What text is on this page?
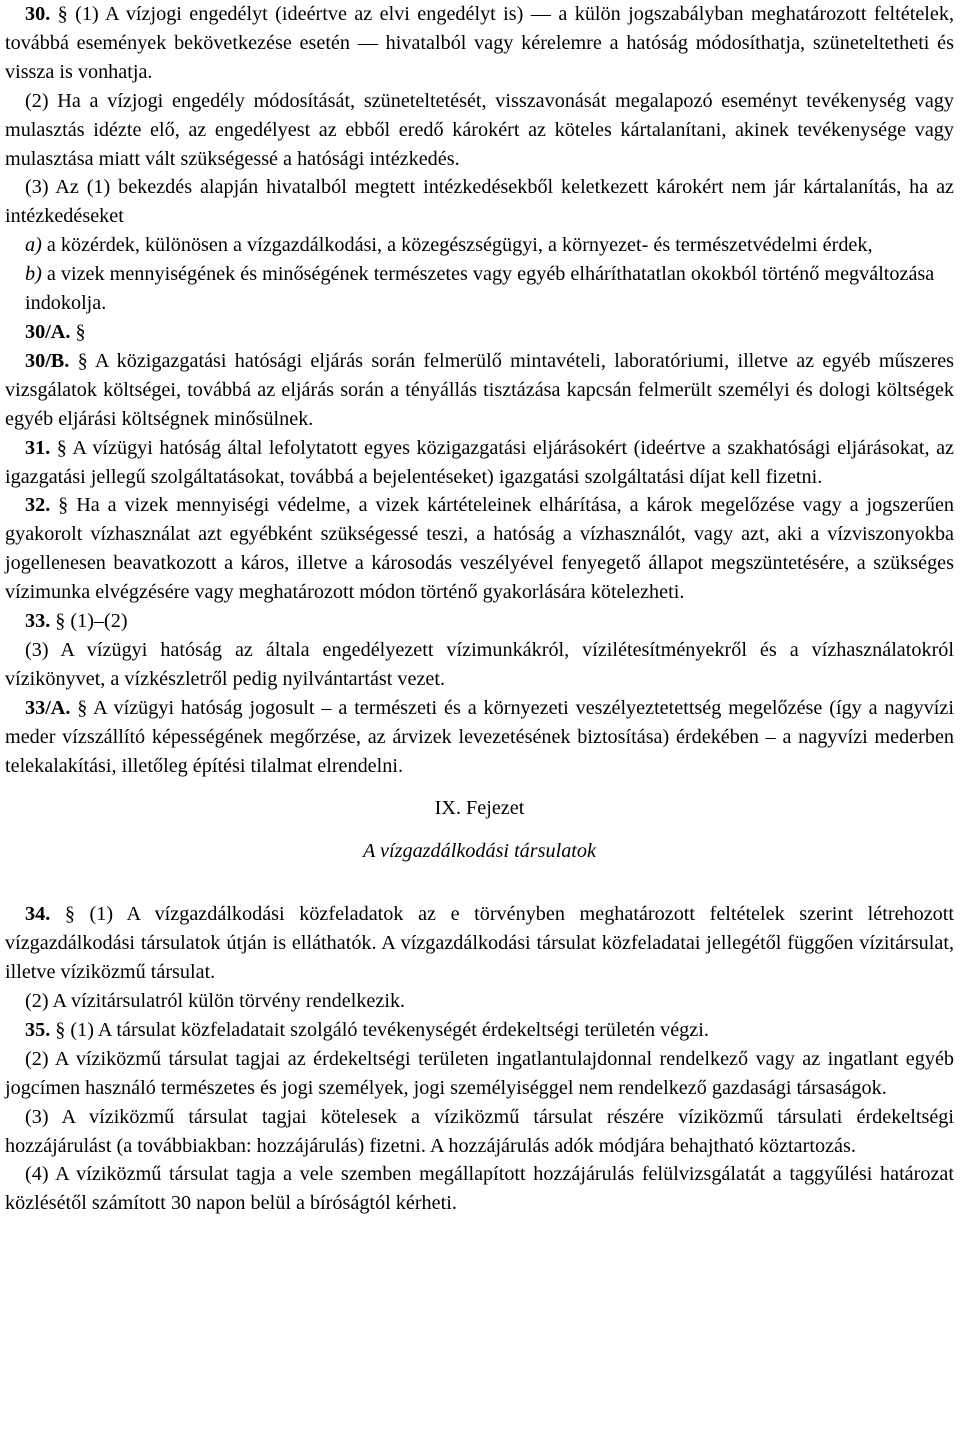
30. § (1) A vízjogi engedélyt (ideértve az elvi engedélyt is) ― a külön jogszabályban meghatározott feltételek, továbbá események bekövetkezése esetén ― hivatalból vagy kérelemre a hatóság módosíthatja, szüneteltetheti és vissza is vonhatja.

(2) Ha a vízjogi engedély módosítását, szüneteltetését, visszavonását megalapozó eseményt tevékenység vagy mulasztás idézte elő, az engedélyest az ebből eredő károkért az köteles kártalanítani, akinek tevékenysége vagy mulasztása miatt vált szükségessé a hatósági intézkedés.

(3) Az (1) bekezdés alapján hivatalból megtett intézkedésekből keletkezett károkért nem jár kártalanítás, ha az intézkedéseket

a) a közérdek, különösen a vízgazdálkodási, a közegészségügyi, a környezet- és természetvédelmi érdek,

b) a vizek mennyiségének és minőségének természetes vagy egyéb elháríthatatlan okokból történő megváltozása

indokolja.

30/A. §

30/B. § A közigazgatási hatósági eljárás során felmerülő mintavételi, laboratóriumi, illetve az egyéb műszeres vizsgálatok költségei, továbbá az eljárás során a tényállás tisztázása kapcsán felmerült személyi és dologi költségek egyéb eljárási költségnek minősülnek.

31. § A vízügyi hatóság által lefolytatott egyes közigazgatási eljárásokért (ideértve a szakhatósági eljárásokat, az igazgatási jellegű szolgáltatásokat, továbbá a bejelentéseket) igazgatási szolgáltatási díjat kell fizetni.

32. § Ha a vizek mennyiségi védelme, a vizek kártételeinek elhárítása, a károk megelőzése vagy a jogszerűen gyakorolt vízhasználat azt egyébként szükségessé teszi, a hatóság a vízhasználót, vagy azt, aki a vízviszonyokba jogellenesen beavatkozott a káros, illetve a károsodás veszélyével fenyegető állapot megszüntetésére, a szükséges vízimunka elvégzésére vagy meghatározott módon történő gyakorlására kötelezheti.

33. § (1)–(2)

(3) A vízügyi hatóság az általa engedélyezett vízimunkákról, vízilétesítményekről és a vízhasználatokról vízikönyvet, a vízkészletről pedig nyilvántartást vezet.

33/A. § A vízügyi hatóság jogosult – a természeti és a környezeti veszélyeztetettség megelőzése (így a nagyvízi meder vízszállító képességének megőrzése, az árvizek levezetésének biztosítása) érdekében – a nagyvízi mederben telekalakítási, illetőleg építési tilalmat elrendelni.

IX. Fejezet

A vízgazdálkodási társulatok

34. § (1) A vízgazdálkodási közfeladatok az e törvényben meghatározott feltételek szerint létrehozott vízgazdálkodási társulatok útján is elláthatók. A vízgazdálkodási társulat közfeladatai jellegétől függően vízitársulat, illetve víziközmű társulat.

(2) A vízitársulatról külön törvény rendelkezik.

35. § (1) A társulat közfeladatait szolgáló tevékenységét érdekeltségi területén végzi.

(2) A víziközmű társulat tagjai az érdekeltségi területen ingatlantulajdonnal rendelkező vagy az ingatlant egyéb jogcímen használó természetes és jogi személyek, jogi személyiséggel nem rendelkező gazdasági társaságok.

(3) A víziközmű társulat tagjai kötelesek a víziközmű társulat részére víziközmű társulati érdekeltségi hozzájárulást (a továbbiakban: hozzájárulás) fizetni. A hozzájárulás adók módjára behajtható köztartozás.

(4) A víziközmű társulat tagja a vele szemben megállapított hozzájárulás felülvizsgálatát a taggyűlési határozat közlésétől számított 30 napon belül a bíróságtól kérheti.
